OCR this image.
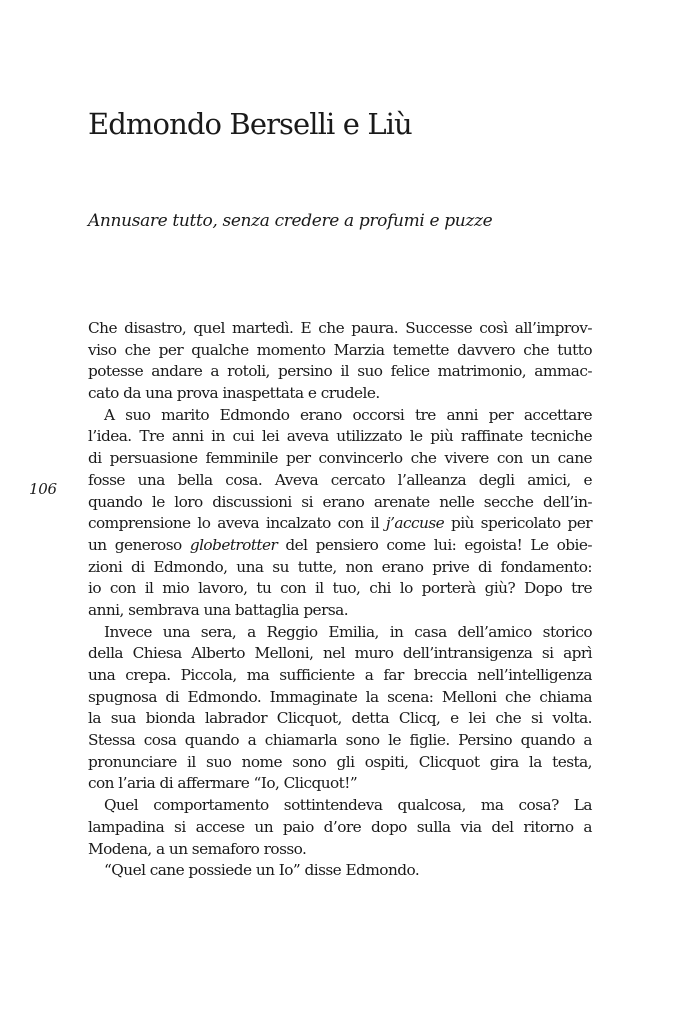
Edmondo Berselli e Liù
Annusare tutto, senza credere a profumi e puzze
106
Che disastro, quel martedì. E che paura. Successe così all’improv-
viso che per qualche momento Marzia temette davvero che tutto
potesse andare a rotoli, persino il suo felice matrimonio, ammac-
cato da una prova inaspettata e crudele.
A suo marito Edmondo erano occorsi tre anni per accettare
l’idea. Tre anni in cui lei aveva utilizzato le più raffinate tecniche
di persuasione femminile per convincerlo che vivere con un cane
fosse una bella cosa. Aveva cercato l’alleanza degli amici, e
quando le loro discussioni si erano arenate nelle secche dell’in-
comprensione lo aveva incalzato con il j’accuse più spericolato per
un generoso globetrotter del pensiero come lui: egoista! Le obie-
zioni di Edmondo, una su tutte, non erano prive di fondamento:
io con il mio lavoro, tu con il tuo, chi lo porterà giù? Dopo tre
anni, sembrava una battaglia persa.
Invece una sera, a Reggio Emilia, in casa dell’amico storico
della Chiesa Alberto Melloni, nel muro dell’intransigenza si aprì
una crepa. Piccola, ma sufficiente a far breccia nell’intelligenza
spugnosa di Edmondo. Immaginate la scena: Melloni che chiama
la sua bionda labrador Clicquot, detta Clicq, e lei che si volta.
Stessa cosa quando a chiamarla sono le figlie. Persino quando a
pronunciare il suo nome sono gli ospiti, Clicquot gira la testa,
con l’aria di affermare “Io, Clicquot!”
Quel comportamento sottintendeva qualcosa, ma cosa? La
lampadina si accese un paio d’ore dopo sulla via del ritorno a
Modena, a un semaforo rosso.
“Quel cane possiede un Io” disse Edmondo.
